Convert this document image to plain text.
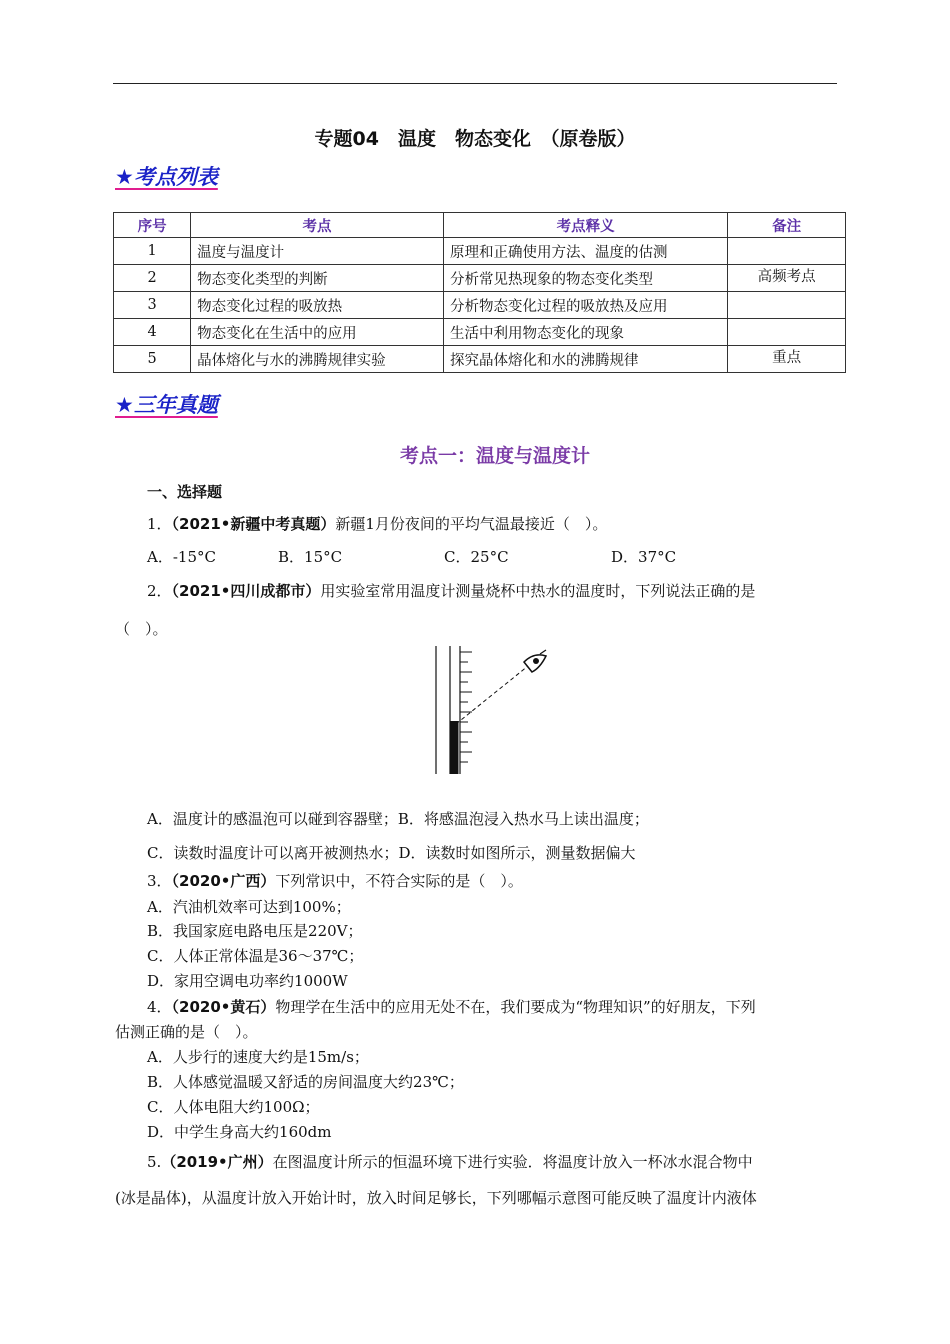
专题04　温度　物态变化　（原卷版）
★考点列表
序号	考点	考点释义	备注
1	温度与温度计	原理和正确使用方法、温度的估测	
2	物态变化类型的判断	分析常见热现象的物态变化类型	高频考点
3	物态变化过程的吸放热	分析物态变化过程的吸放热及应用	
4	物态变化在生活中的应用	生活中利用物态变化的现象	
5	晶体熔化与水的沸腾规律实验	探究晶体熔化和水的沸腾规律	重点
★三年真题
考点一：温度与温度计
一、选择题
1．（2021•新疆中考真题）新疆1月份夜间的平均气温最接近（　）。
A．-15°C	B．15°C	C．25°C	D．37°C
2．（2021•四川成都市）用实验室常用温度计测量烧杯中热水的温度时，下列说法正确的是
（　）。
A．温度计的感温泡可以碰到容器壁；B．将感温泡浸入热水马上读出温度；
C．读数时温度计可以离开被测热水；D．读数时如图所示，测量数据偏大
3．（2020•广西）下列常识中，不符合实际的是（　）。
A．汽油机效率可达到100%；
B．我国家庭电路电压是220V；
C．人体正常体温是36～37℃；
D．家用空调电功率约1000W
4．（2020•黄石）物理学在生活中的应用无处不在，我们要成为“物理知识”的好朋友，下列
估测正确的是（　）。
A．人步行的速度大约是15m/s；
B．人体感觉温暖又舒适的房间温度大约23℃；
C．人体电阻大约100Ω；
D．中学生身高大约160dm
5.（2019•广州）在图温度计所示的恒温环境下进行实验．将温度计放入一杯冰水混合物中
(冰是晶体)，从温度计放入开始计时，放入时间足够长，下列哪幅示意图可能反映了温度计内液体
